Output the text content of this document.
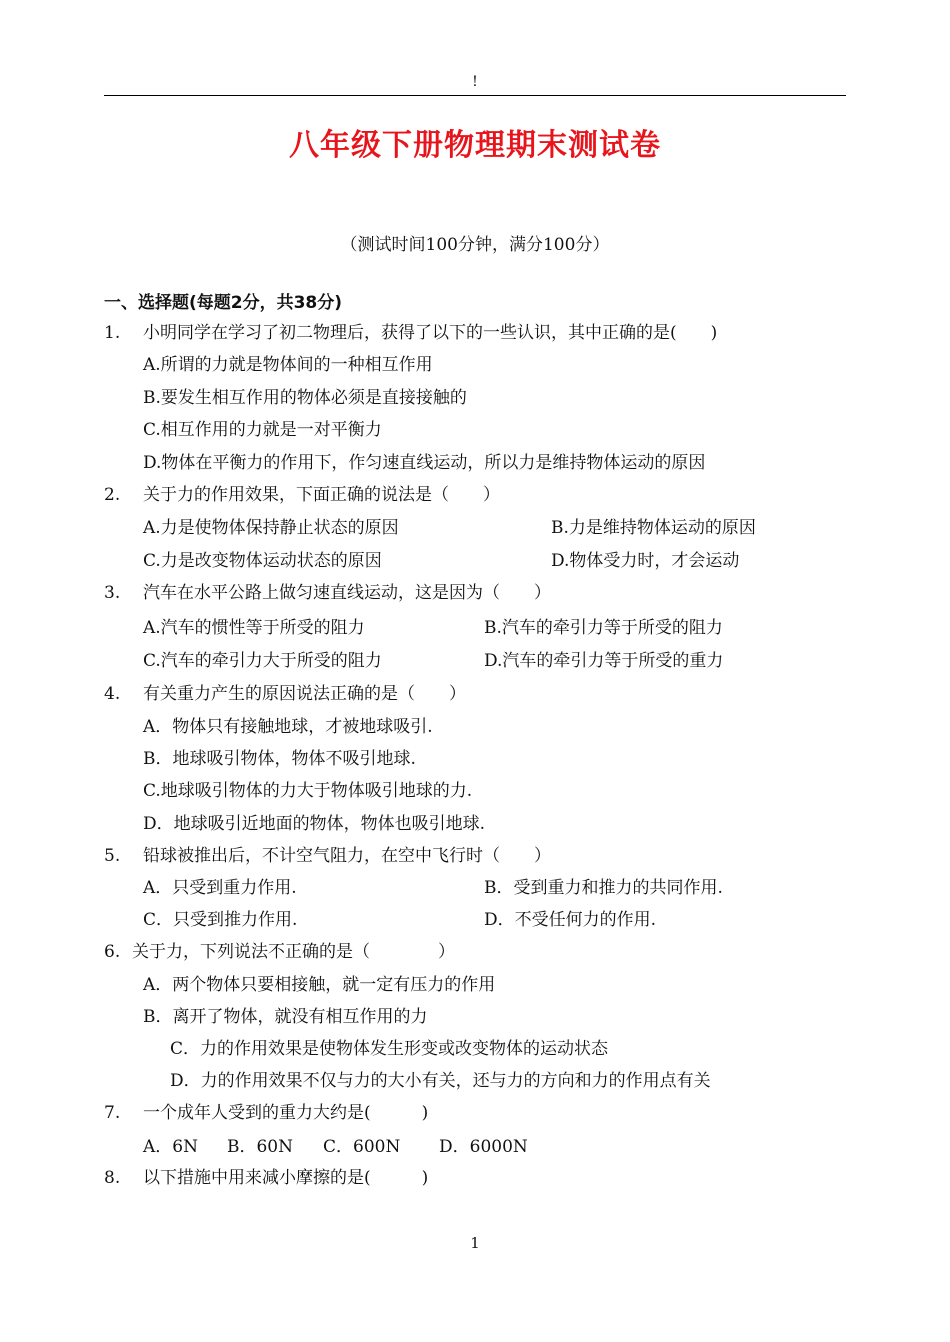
!
八年级下册物理期末测试卷
（测试时间100分钟，满分100分）
一、选择题(每题2分，共38分)
1. 小明同学在学习了初二物理后，获得了以下的一些认识，其中正确的是(　　)
A.所谓的力就是物体间的一种相互作用
B.要发生相互作用的物体必须是直接接触的
C.相互作用的力就是一对平衡力
D.物体在平衡力的作用下，作匀速直线运动，所以力是维持物体运动的原因
2. 关于力的作用效果，下面正确的说法是（　　）
A.力是使物体保持静止状态的原因	B.力是维持物体运动的原因
C.力是改变物体运动状态的原因	D.物体受力时，才会运动
3. 汽车在水平公路上做匀速直线运动，这是因为（　　）
A.汽车的惯性等于所受的阻力	B.汽车的牵引力等于所受的阻力
C.汽车的牵引力大于所受的阻力	D.汽车的牵引力等于所受的重力
4. 有关重力产生的原因说法正确的是（　　）
A．物体只有接触地球，才被地球吸引.
B．地球吸引物体，物体不吸引地球.
C.地球吸引物体的力大于物体吸引地球的力.
D．地球吸引近地面的物体，物体也吸引地球.
5. 铅球被推出后，不计空气阻力，在空中飞行时（　　）
A．只受到重力作用.	B．受到重力和推力的共同作用.
C．只受到推力作用.	D．不受任何力的作用.
6. 关于力，下列说法不正确的是（　　　　）
A．两个物体只要相接触，就一定有压力的作用
B．离开了物体，就没有相互作用的力
C．力的作用效果是使物体发生形变或改变物体的运动状态
D．力的作用效果不仅与力的大小有关，还与力的方向和力的作用点有关
7. 一个成年人受到的重力大约是(　　　)
A．6N B．60N C．600N D．6000N
8. 以下措施中用来减小摩擦的是(　　　)
1
